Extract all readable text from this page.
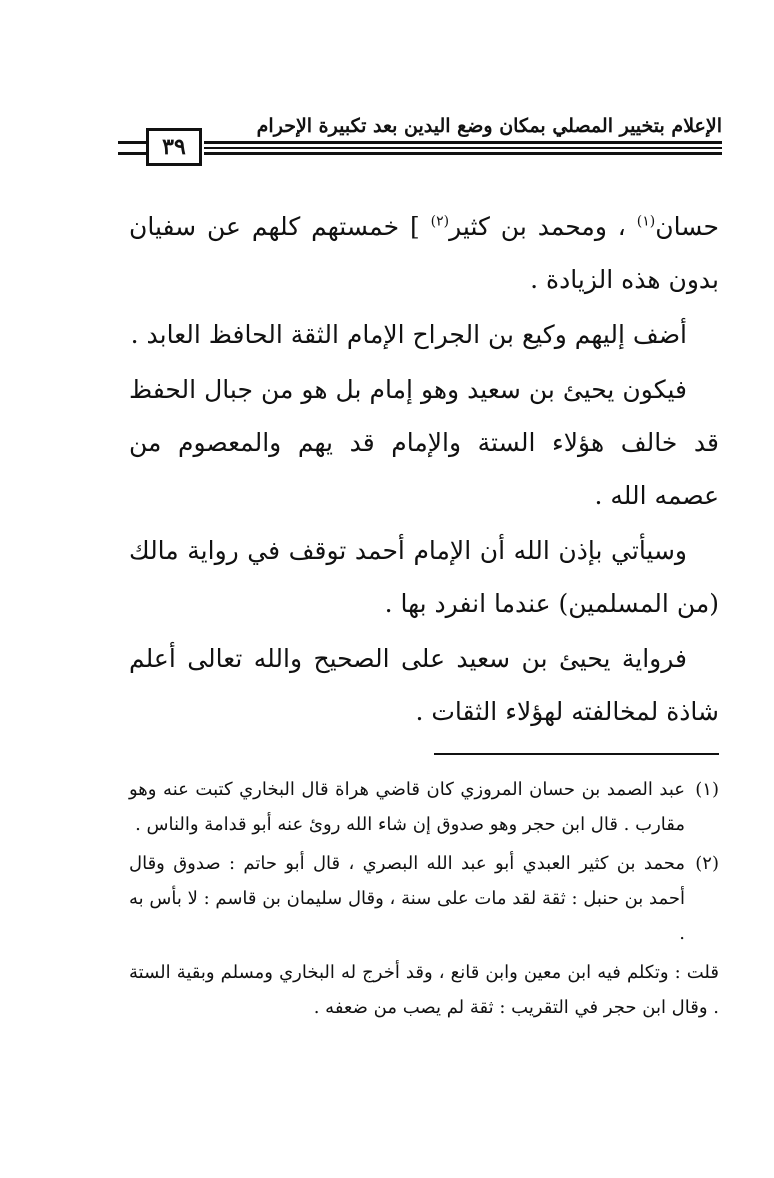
الإعلام بتخيير المصلي بمكان وضع اليدين بعد تكبيرة الإحرام
٣٩

حسان$^{(١)}$ ، ومحمد بن كثير$^{(٢)}$ ] خمستهم كلهم عن سفيان بدون هذه الزيادة .

أضف إليهم وكيع بن الجراح الإمام الثقة الحافظ العابد .

فيكون يحيئ بن سعيد وهو إمام بل هو من جبال الحفظ قد خالف هؤلاء الستة والإمام قد يهم والمعصوم من عصمه الله .

وسيأتي بإذن الله أن الإمام أحمد توقف في رواية مالك (من المسلمين) عندما انفرد بها .

فرواية يحيئ بن سعيد على الصحيح والله تعالى أعلم شاذة لمخالفته لهؤلاء الثقات .

(١)عبد الصمد بن حسان المروزي كان قاضي هراة قال البخاري كتبت عنه وهو مقارب . قال ابن حجر وهو صدوق إن شاء الله روئ عنه أبو قدامة والناس .

(٢)محمد بن كثير العبدي أبو عبد الله البصري ، قال أبو حاتم : صدوق وقال أحمد بن حنبل : ثقة لقد مات على سنة ، وقال سليمان بن قاسم : لا بأس به .

قلت : وتكلم فيه ابن معين وابن قانع ، وقد أخرج له البخاري ومسلم وبقية الستة . وقال ابن حجر في التقريب : ثقة لم يصب من ضعفه .
